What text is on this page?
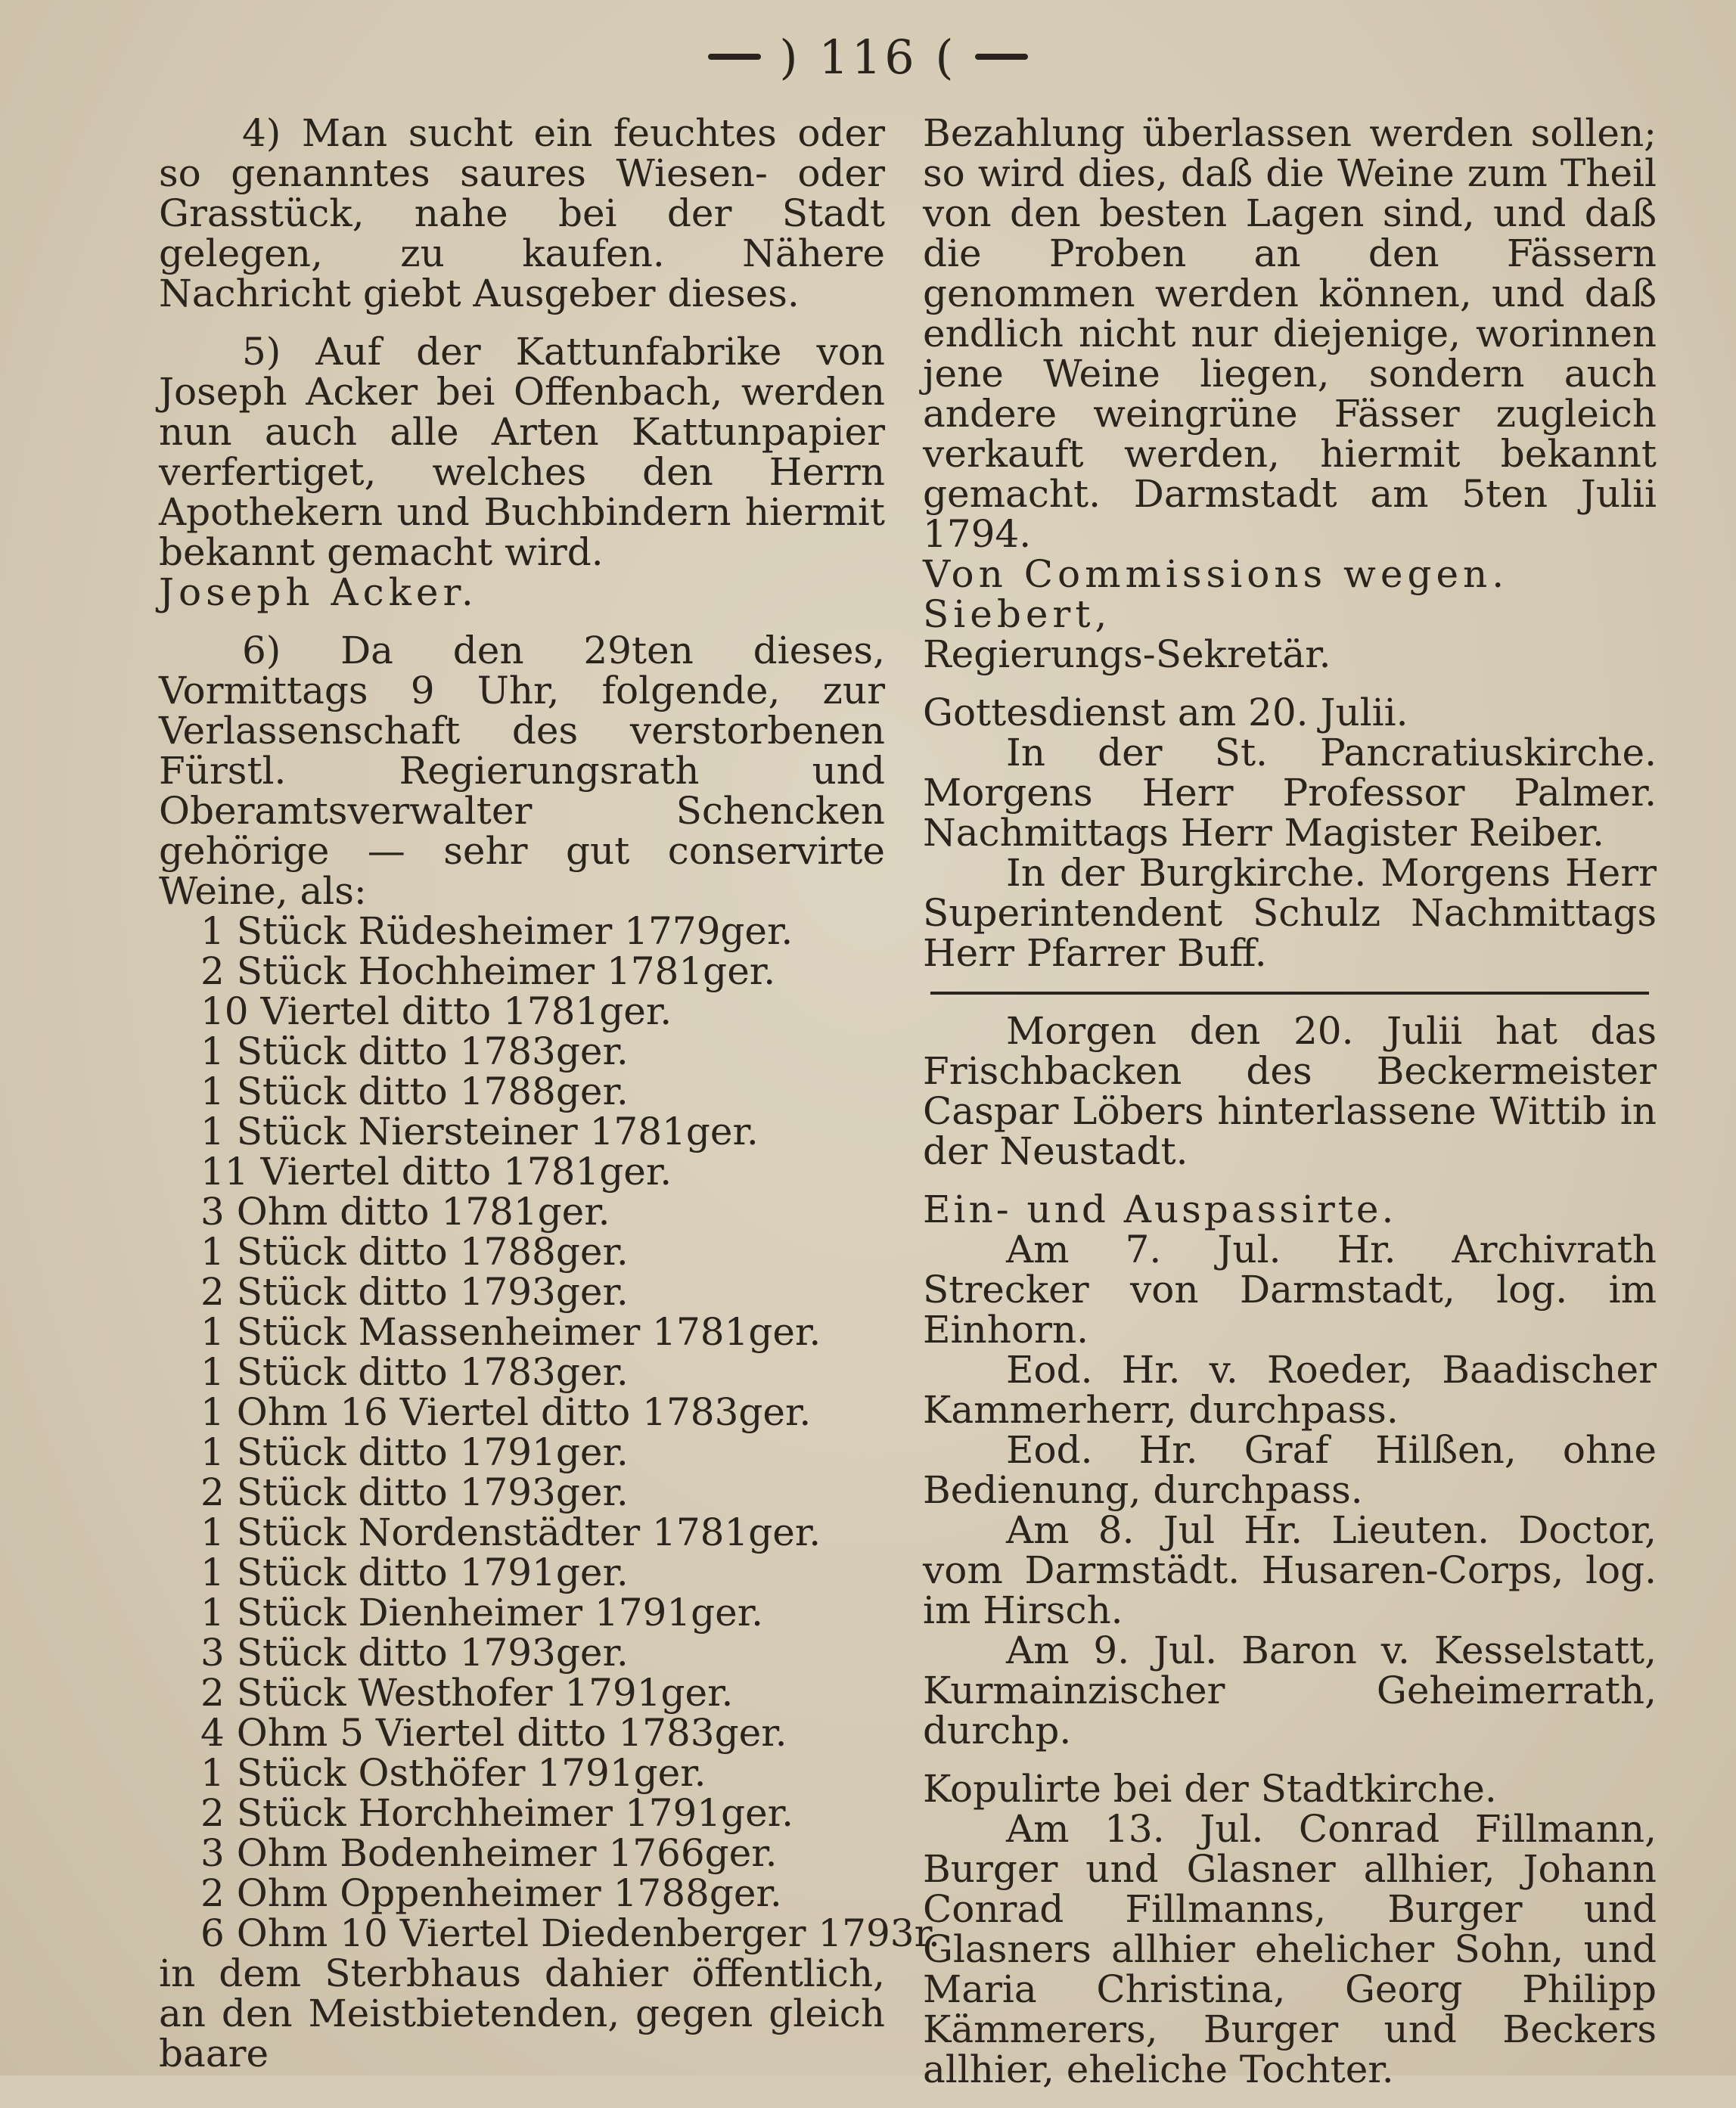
) 116 (

4) Man sucht ein feuchtes oder so genanntes saures Wiesen- oder Grasstück, nahe bei der Stadt gelegen, zu kaufen. Nähere Nachricht giebt Ausgeber dieses.

5) Auf der Kattunfabrike von Joseph Acker bei Offenbach, werden nun auch alle Arten Kattunpapier verfertiget, welches den Herrn Apothekern und Buchbindern hiermit bekannt gemacht wird.

Joseph Acker.

6) Da den 29ten dieses, Vormittags 9 Uhr, folgende, zur Verlassenschaft des verstorbenen Fürstl. Regierungsrath und Oberamtsverwalter Schencken gehörige — sehr gut conservirte Weine, als:

1 Stück Rüdesheimer 1779ger.
2 Stück Hochheimer 1781ger.
10 Viertel ditto 1781ger.
1 Stück ditto 1783ger.
1 Stück ditto 1788ger.
1 Stück Niersteiner 1781ger.
11 Viertel ditto 1781ger.
3 Ohm ditto 1781ger.
1 Stück ditto 1788ger.
2 Stück ditto 1793ger.
1 Stück Massenheimer 1781ger.
1 Stück ditto 1783ger.
1 Ohm 16 Viertel ditto 1783ger.
1 Stück ditto 1791ger.
2 Stück ditto 1793ger.
1 Stück Nordenstädter 1781ger.
1 Stück ditto 1791ger.
1 Stück Dienheimer 1791ger.
3 Stück ditto 1793ger.
2 Stück Westhofer 1791ger.
4 Ohm 5 Viertel ditto 1783ger.
1 Stück Osthöfer 1791ger.
2 Stück Horchheimer 1791ger.
3 Ohm Bodenheimer 1766ger.
2 Ohm Oppenheimer 1788ger.
6 Ohm 10 Viertel Diedenberger 1793r.

in dem Sterbhaus dahier öffentlich, an den Meistbietenden, gegen gleich baare

Bezahlung überlassen werden sollen; so wird dies, daß die Weine zum Theil von den besten Lagen sind, und daß die Proben an den Fässern genommen werden können, und daß endlich nicht nur diejenige, worinnen jene Weine liegen, sondern auch andere weingrüne Fässer zugleich verkauft werden, hiermit bekannt gemacht. Darmstadt am 5ten Julii 1794.

Von Commissions wegen.

Siebert,

Regierungs-Sekretär.

Gottesdienst am 20. Julii.

In der St. Pancratiuskirche. Morgens Herr Professor Palmer. Nachmittags Herr Magister Reiber.

In der Burgkirche. Morgens Herr Superintendent Schulz Nachmittags Herr Pfarrer Buff.

Morgen den 20. Julii hat das Frischbacken des Beckermeister Caspar Löbers hinterlassene Wittib in der Neustadt.

Ein- und Auspassirte.

Am 7. Jul. Hr. Archivrath Strecker von Darmstadt, log. im Einhorn.

Eod. Hr. v. Roeder, Baadischer Kammerherr, durchpass.

Eod. Hr. Graf Hilßen, ohne Bedienung, durchpass.

Am 8. Jul Hr. Lieuten. Doctor, vom Darmstädt. Husaren-Corps, log. im Hirsch.

Am 9. Jul. Baron v. Kesselstatt, Kurmainzischer Geheimerrath, durchp.

Kopulirte bei der Stadtkirche.

Am 13. Jul. Conrad Fillmann, Burger und Glasner allhier, Johann Conrad Fillmanns, Burger und Glasners allhier ehelicher Sohn, und Maria Christina, Georg Philipp Kämmerers, Burger und Beckers allhier, eheliche Tochter.
